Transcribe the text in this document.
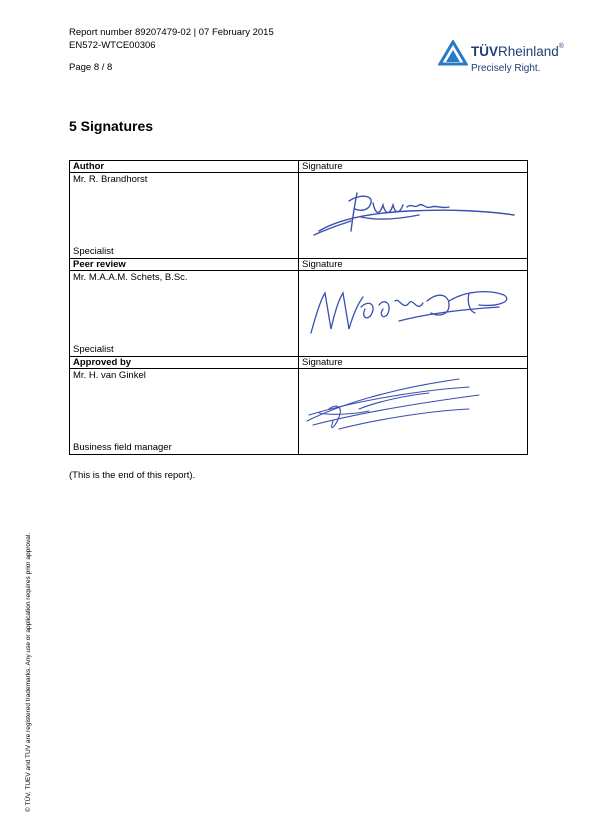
Report number 89207479-02 | 07 February 2015
EN572-WTCE00306
Page 8 / 8
TÜVRheinland®
Precisely Right.
5 Signatures
Author	Signature

Mr. R. Brandhorst
Specialist

Peer review	Signature

Mr. M.A.A.M. Schets, B.Sc.
Specialist

Approved by	Signature

Mr. H. van Ginkel
Business field manager

(This is the end of this report).
© TÜV, TUEV and TUV are registered trademarks. Any use or application requires prior approval.
